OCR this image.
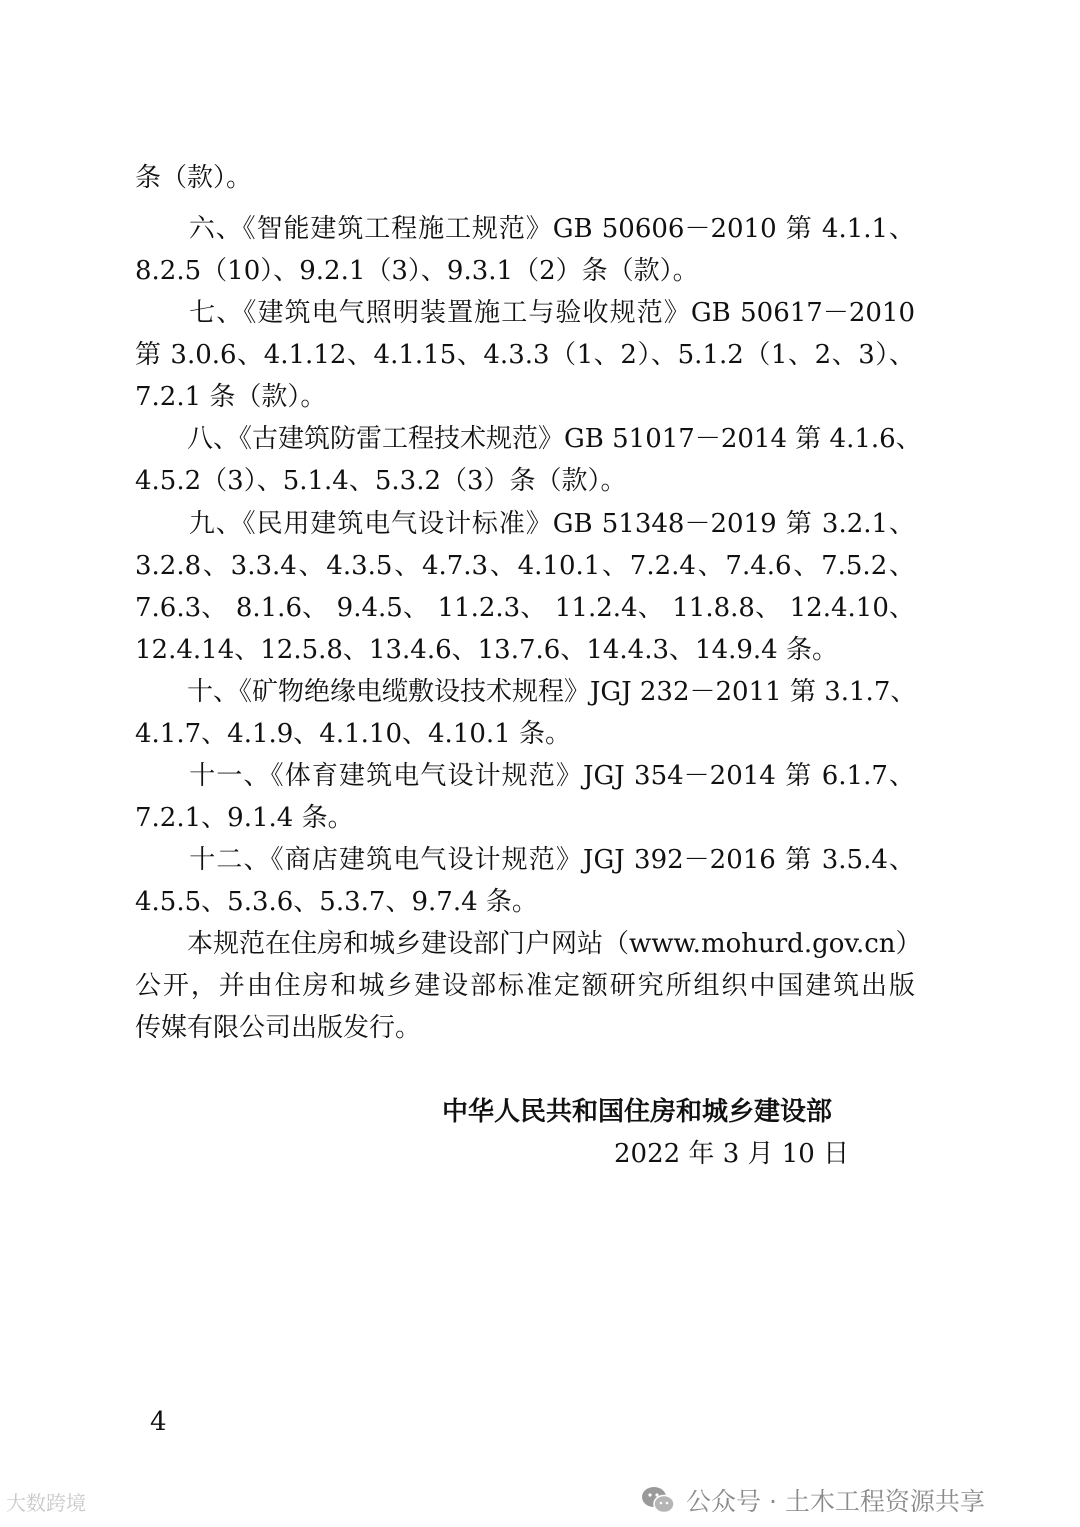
条（款）。
　　六、《智能建筑工程施工规范》GB 50606－2010 第 4.1.1、
8.2.5（10）、9.2.1（3）、9.3.1（2）条（款）。
　　七、《建筑电气照明装置施工与验收规范》GB 50617－2010
第 3.0.6、4.1.12、4.1.15、4.3.3（1、2）、5.1.2（1、2、3）、
7.2.1 条（款）。
　　八、《古建筑防雷工程技术规范》GB 51017－2014 第 4.1.6、
4.5.2（3）、5.1.4、5.3.2（3）条（款）。
　　九、《民用建筑电气设计标准》GB 51348－2019 第 3.2.1、
3.2.8、3.3.4、4.3.5、4.7.3、4.10.1、7.2.4、7.4.6、7.5.2、
7.6.3、 8.1.6、 9.4.5、 11.2.3、 11.2.4、 11.8.8、 12.4.10、
12.4.14、12.5.8、13.4.6、13.7.6、14.4.3、14.9.4 条。
　　十、《矿物绝缘电缆敷设技术规程》JGJ 232－2011 第 3.1.7、
4.1.7、4.1.9、4.1.10、4.10.1 条。
　　十一、《体育建筑电气设计规范》JGJ 354－2014 第 6.1.7、
7.2.1、9.1.4 条。
　　十二、《商店建筑电气设计规范》JGJ 392－2016 第 3.5.4、
4.5.5、5.3.6、5.3.7、9.7.4 条。
　　本规范在住房和城乡建设部门户网站（www.mohurd.gov.cn）
公开，并由住房和城乡建设部标准定额研究所组织中国建筑出版
传媒有限公司出版发行。
中华人民共和国住房和城乡建设部
2022 年 3 月 10 日
4
大数跨境	公众号 · 土木工程资源共享
